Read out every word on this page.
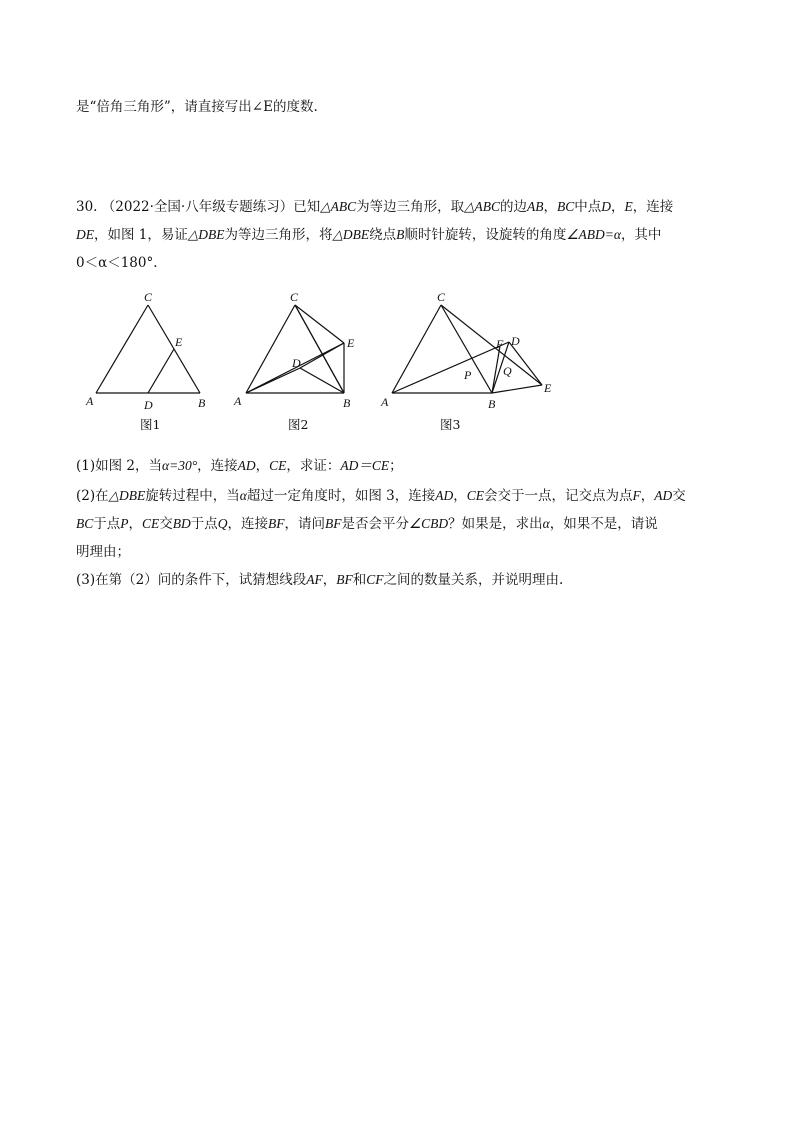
是“倍角三角形”，请直接写出∠E的度数.
30. （2022·全国·八年级专题练习）已知△ABC为等边三角形，取△ABC的边AB，BC中点D，E，连接
DE，如图 1，易证△DBE为等边三角形，将△DBE绕点B顺时针旋转，设旋转的角度∠ABD=α，其中
0＜α＜180°.
C
E
A	D	B
图1
C
E
D
A	B
图2
C
F D
P	Q
E
A	B
图3
(1)如图 2，当α=30°，连接AD，CE，求证：AD＝CE；
(2)在△DBE旋转过程中，当α超过一定角度时，如图 3，连接AD，CE会交于一点，记交点为点F，AD交
BC于点P，CE交BD于点Q，连接BF，请问BF是否会平分∠CBD？如果是，求出α，如果不是，请说
明理由；
(3)在第（2）问的条件下，试猜想线段AF，BF和CF之间的数量关系，并说明理由.
